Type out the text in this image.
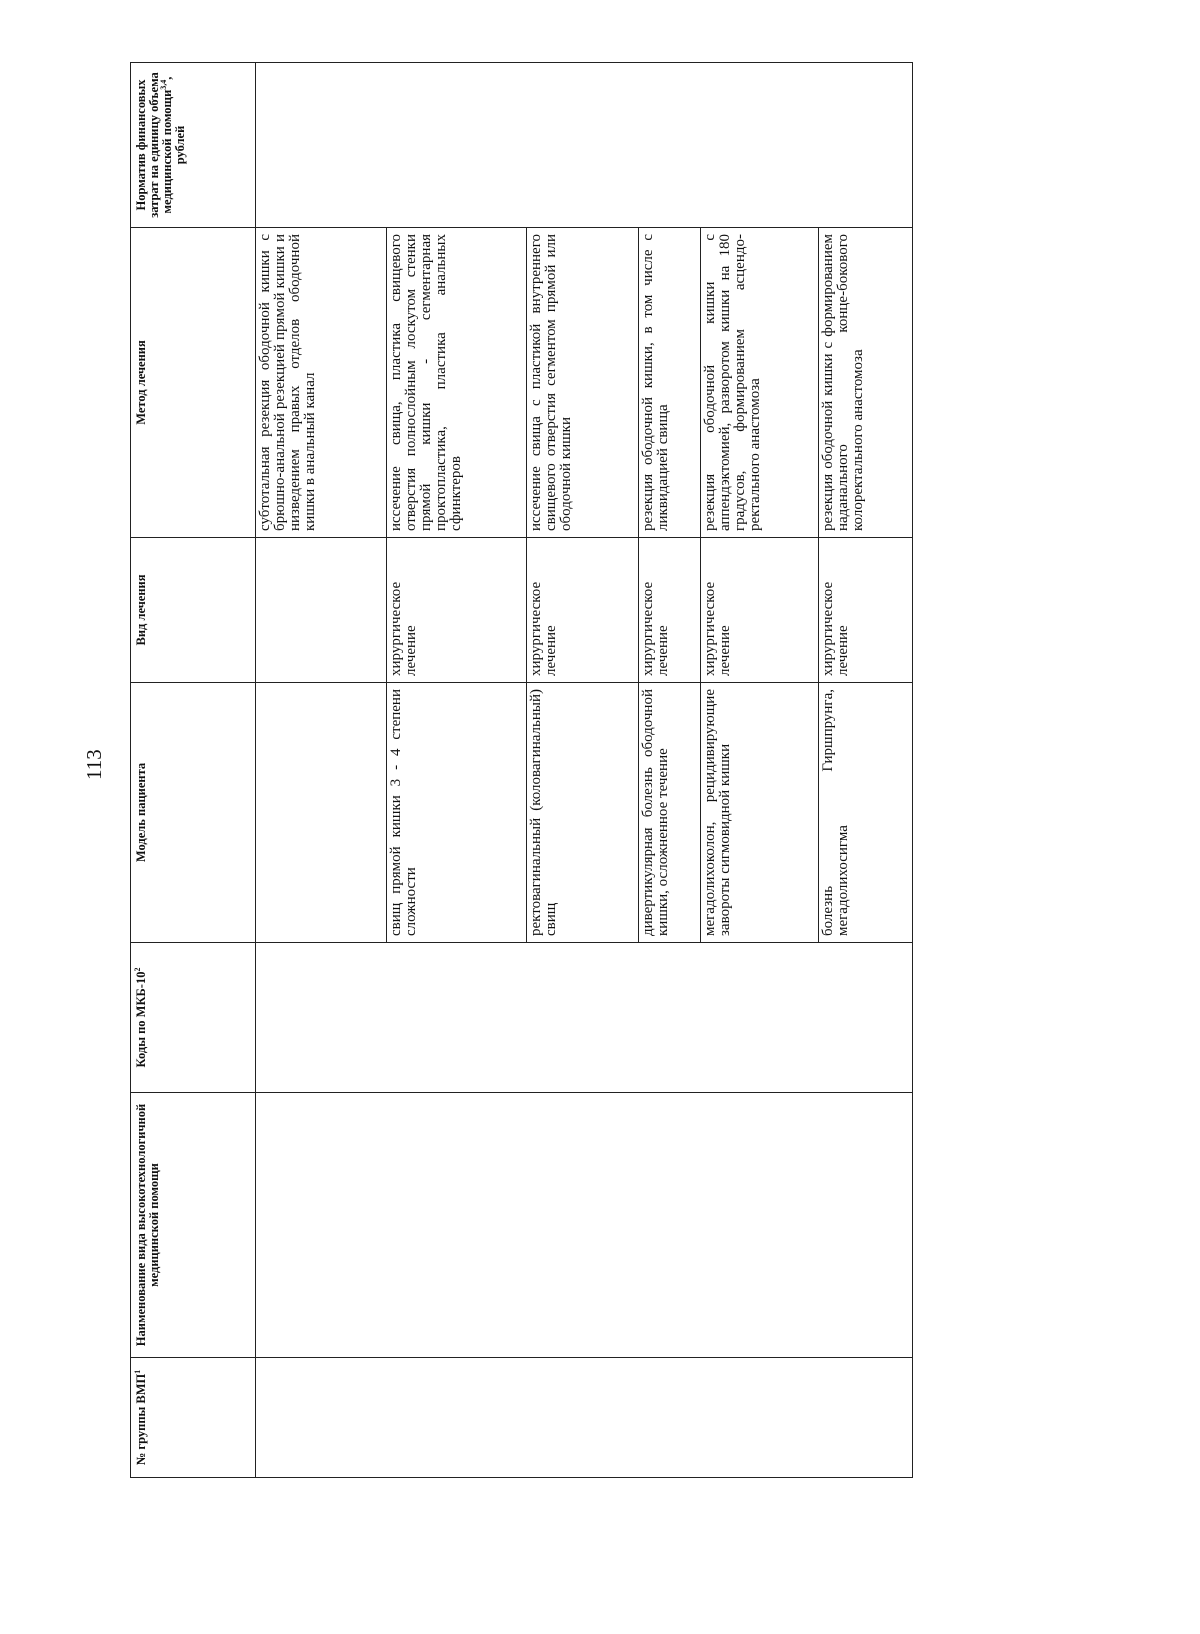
113
№ группы ВМП$^1$	Наименование вида высокотехнологичной медицинской помощи	Коды по МКБ-$10^2$	Модель пациента	Вид лечения	Метод лечения	Норматив финансовых затрат на единицу объема медицинской помощи$^{3,4}$, рублей
					субтотальная резекция ободочной кишки с брюшно-анальной резекцией прямой кишки и низведением правых отделов ободочной кишки в анальный канал	
			свищ прямой кишки 3 - 4 степени сложности	хирургическое лечение	иссечение свища, пластика свищевого отверстия полнослойным лоскутом стенки прямой кишки - сегментарная проктопластика, пластика анальных сфинктеров	
			ректовагинальный (коловагинальный) свищ	хирургическое лечение	иссечение свища с пластикой внутреннего свищевого отверстия сегментом прямой или ободочной кишки	
			дивертикулярная болезнь ободочной кишки, осложненное течение	хирургическое лечение	резекция ободочной кишки, в том числе с ликвидацией свища	
			мегадолихоколон, рецидивирующие завороты сигмовидной кишки	хирургическое лечение	резекция ободочной кишки с аппендэктомией, разворотом кишки на 180 градусов, формированием асцендо-ректального анастомоза	
			болезнь Гиршпрунга, мегадолихосигма	хирургическое лечение	резекция ободочной кишки с формированием наданального конце-бокового колоректального анастомоза	
